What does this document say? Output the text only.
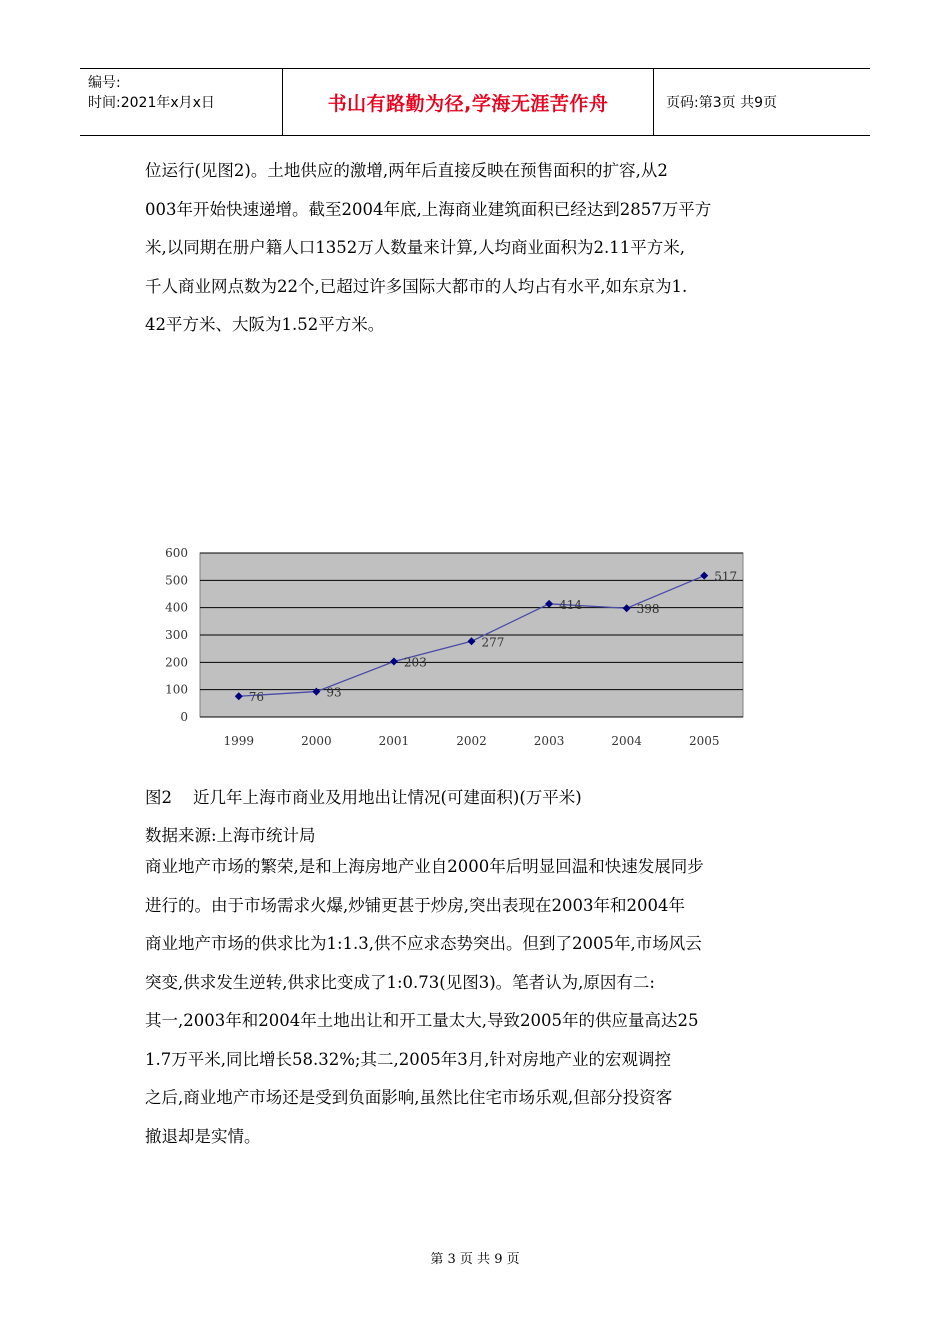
编号:
时间:2021年x月x日	书山有路勤为径,学海无涯苦作舟	页码:第3页 共9页
位运行(见图2)。土地供应的激增,两年后直接反映在预售面积的扩容,从2
003年开始快速递增。截至2004年底,上海商业建筑面积已经达到2857万平方
米,以同期在册户籍人口1352万人数量来计算,人均商业面积为2.11平方米,
千人商业网点数为22个,已超过许多国际大都市的人均占有水平,如东京为1.
42平方米、大阪为1.52平方米。
0
100
200
300
400
500
600
1999	2000	2001	2002	2003	2004	2005
76	93
203
277
414	398
517
图2    近几年上海市商业及用地出让情况(可建面积)(万平米)
数据来源:上海市统计局
商业地产市场的繁荣,是和上海房地产业自2000年后明显回温和快速发展同步
进行的。由于市场需求火爆,炒铺更甚于炒房,突出表现在2003年和2004年
商业地产市场的供求比为1:1.3,供不应求态势突出。但到了2005年,市场风云
突变,供求发生逆转,供求比变成了1:0.73(见图3)。笔者认为,原因有二:
其一,2003年和2004年土地出让和开工量太大,导致2005年的供应量高达25
1.7万平米,同比增长58.32%;其二,2005年3月,针对房地产业的宏观调控
之后,商业地产市场还是受到负面影响,虽然比住宅市场乐观,但部分投资客
撤退却是实情。
第 3 页 共 9 页
